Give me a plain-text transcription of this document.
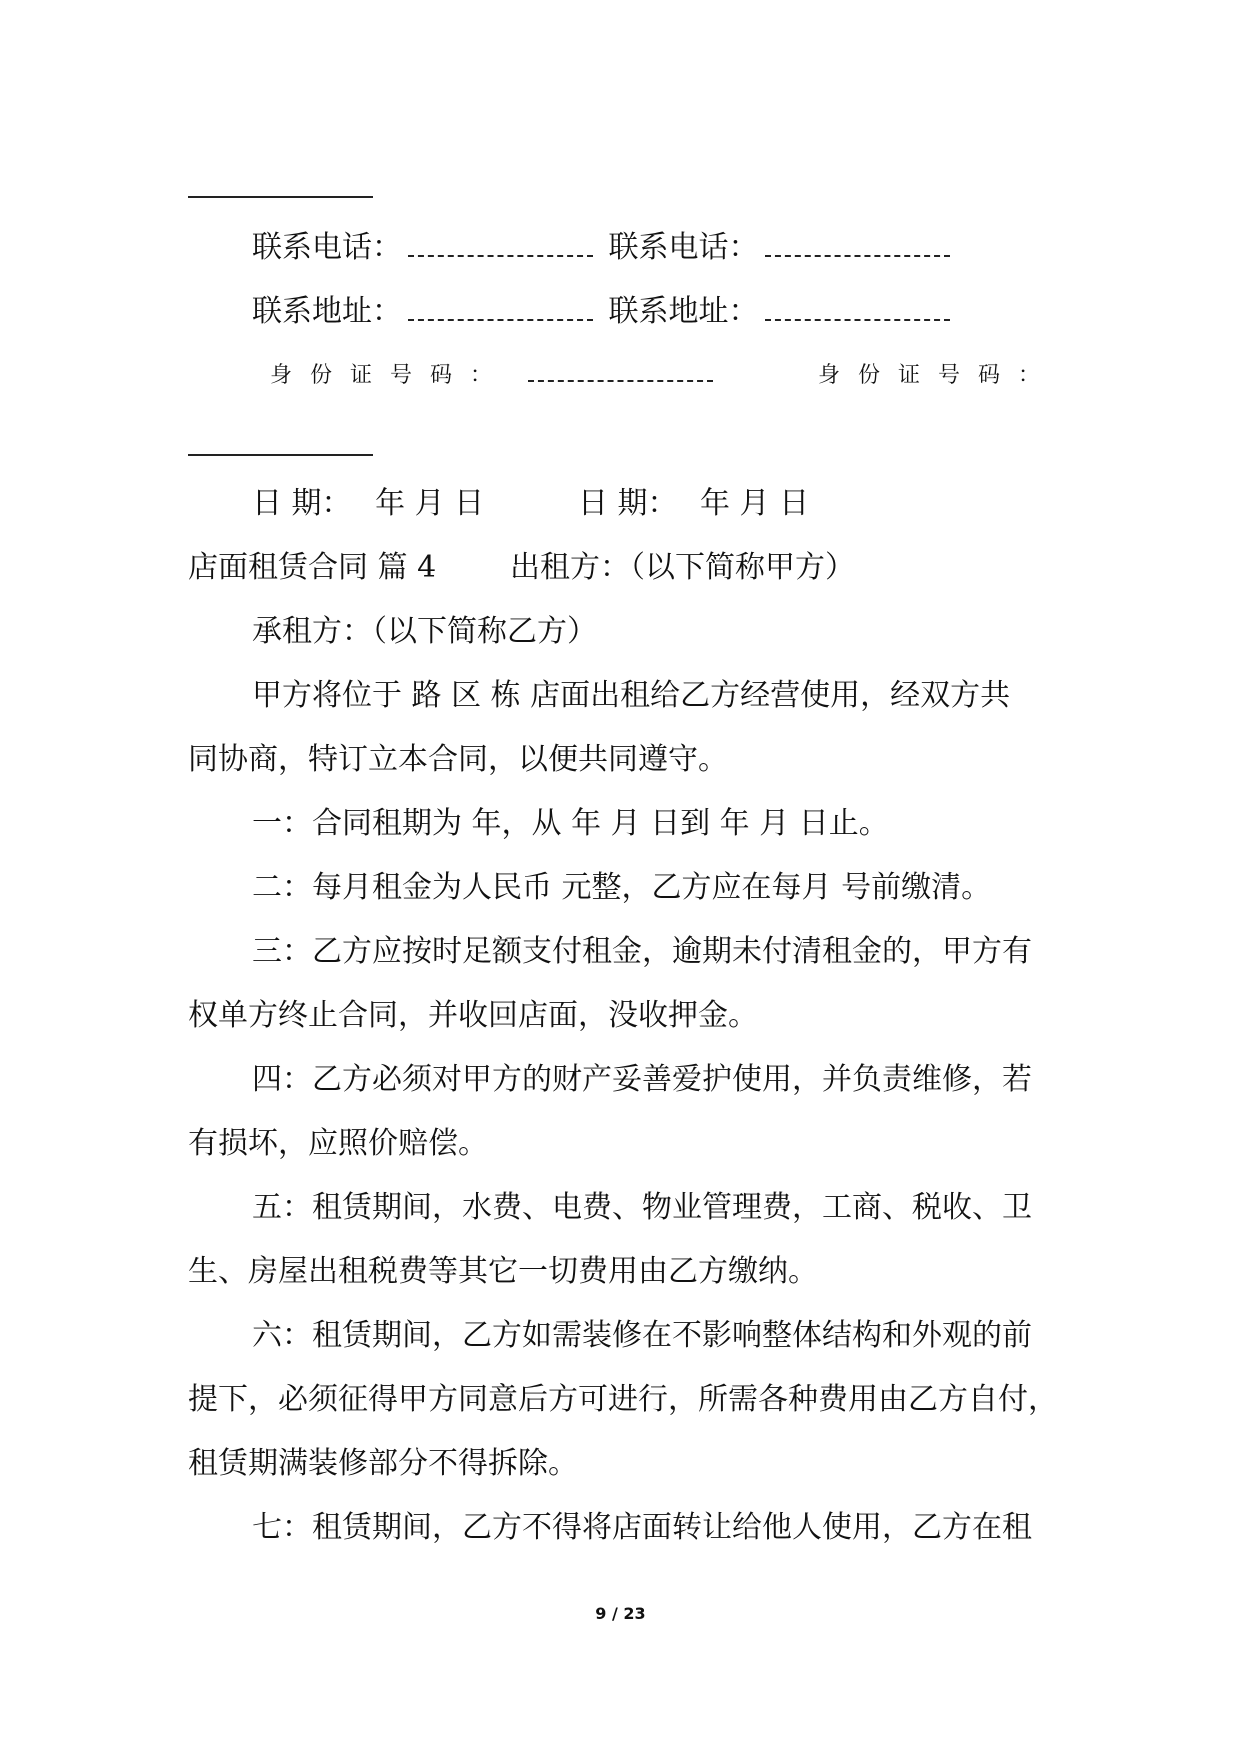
联系电话：	联系电话：
联系地址：	联系地址：
身份证号码：	身份证号码：
日 期： 年 月 日	日 期： 年 月 日
店面租赁合同 篇 4 出租方：（以下简称甲方）
承租方：（以下简称乙方）
甲方将位于 路 区 栋 店面出租给乙方经营使用，经双方共
同协商，特订立本合同，以便共同遵守。
一：合同租期为 年，从 年 月 日到 年 月 日止。
二：每月租金为人民币 元整，乙方应在每月 号前缴清。
三：乙方应按时足额支付租金，逾期未付清租金的，甲方有
权单方终止合同，并收回店面，没收押金。
四：乙方必须对甲方的财产妥善爱护使用，并负责维修，若
有损坏，应照价赔偿。
五：租赁期间，水费、电费、物业管理费，工商、税收、卫
生、房屋出租税费等其它一切费用由乙方缴纳。
六：租赁期间，乙方如需装修在不影响整体结构和外观的前
提下，必须征得甲方同意后方可进行，所需各种费用由乙方自付，
租赁期满装修部分不得拆除。
七：租赁期间，乙方不得将店面转让给他人使用，乙方在租
9 / 23
